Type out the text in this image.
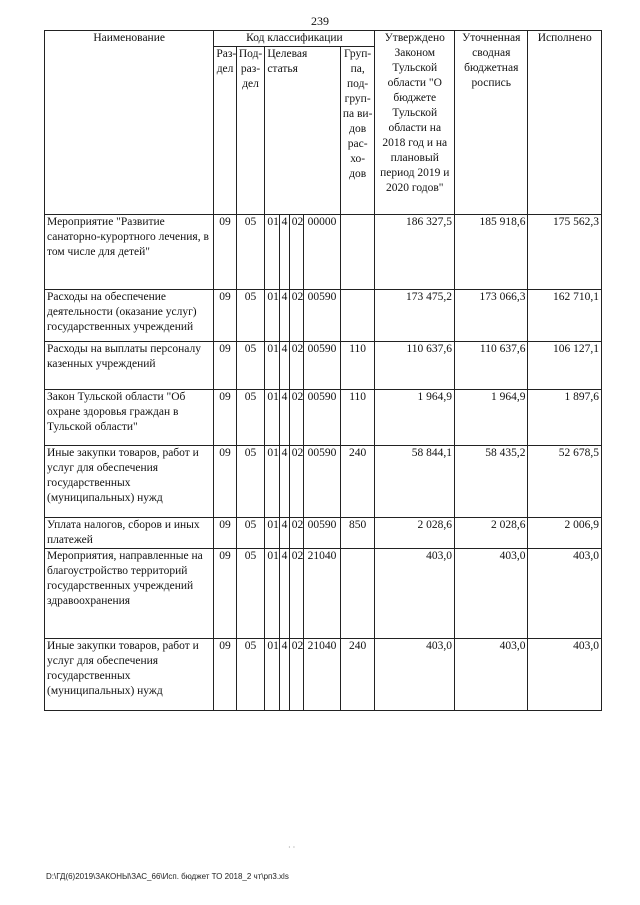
239
Наименование	Код классификации							Утверждено Законом Тульской области "О бюджете Тульской области на 2018 год и на плановый период 2019 и 2020 годов"	Уточненная сводная бюджетная роспись	Исполнено
	Раз-дел	Под-раз-дел	Целевая статья				Груп-па, под-груп-па ви-дов рас-хо-дов			
Мероприятие "Развитие санаторно-курортного лечения, в том числе для детей"	09	05	01	4	02	00000		186 327,5	185 918,6	175 562,3
Расходы на обеспечение деятельности (оказание услуг) государственных учреждений	09	05	01	4	02	00590		173 475,2	173 066,3	162 710,1
Расходы на выплаты персоналу казенных учреждений	09	05	01	4	02	00590	110	110 637,6	110 637,6	106 127,1
Закон Тульской области "Об охране здоровья граждан в Тульской области"	09	05	01	4	02	00590	110	1 964,9	1 964,9	1 897,6
Иные закупки товаров, работ и услуг для обеспечения государственных (муниципальных) нужд	09	05	01	4	02	00590	240	58 844,1	58 435,2	52 678,5
Уплата налогов, сборов и иных платежей	09	05	01	4	02	00590	850	2 028,6	2 028,6	2 006,9
Мероприятия, направленные на благоустройство территорий государственных учреждений здравоохранения	09	05	01	4	02	21040		403,0	403,0	403,0
Иные закупки товаров, работ и услуг для обеспечения государственных (муниципальных) нужд	09	05	01	4	02	21040	240	403,0	403,0	403,0
· ·
D:\ГД(6)2019\ЗАКОНЫ\ЗАС_66\Исп. бюджет ТО 2018_2 чт\рп3.xls
